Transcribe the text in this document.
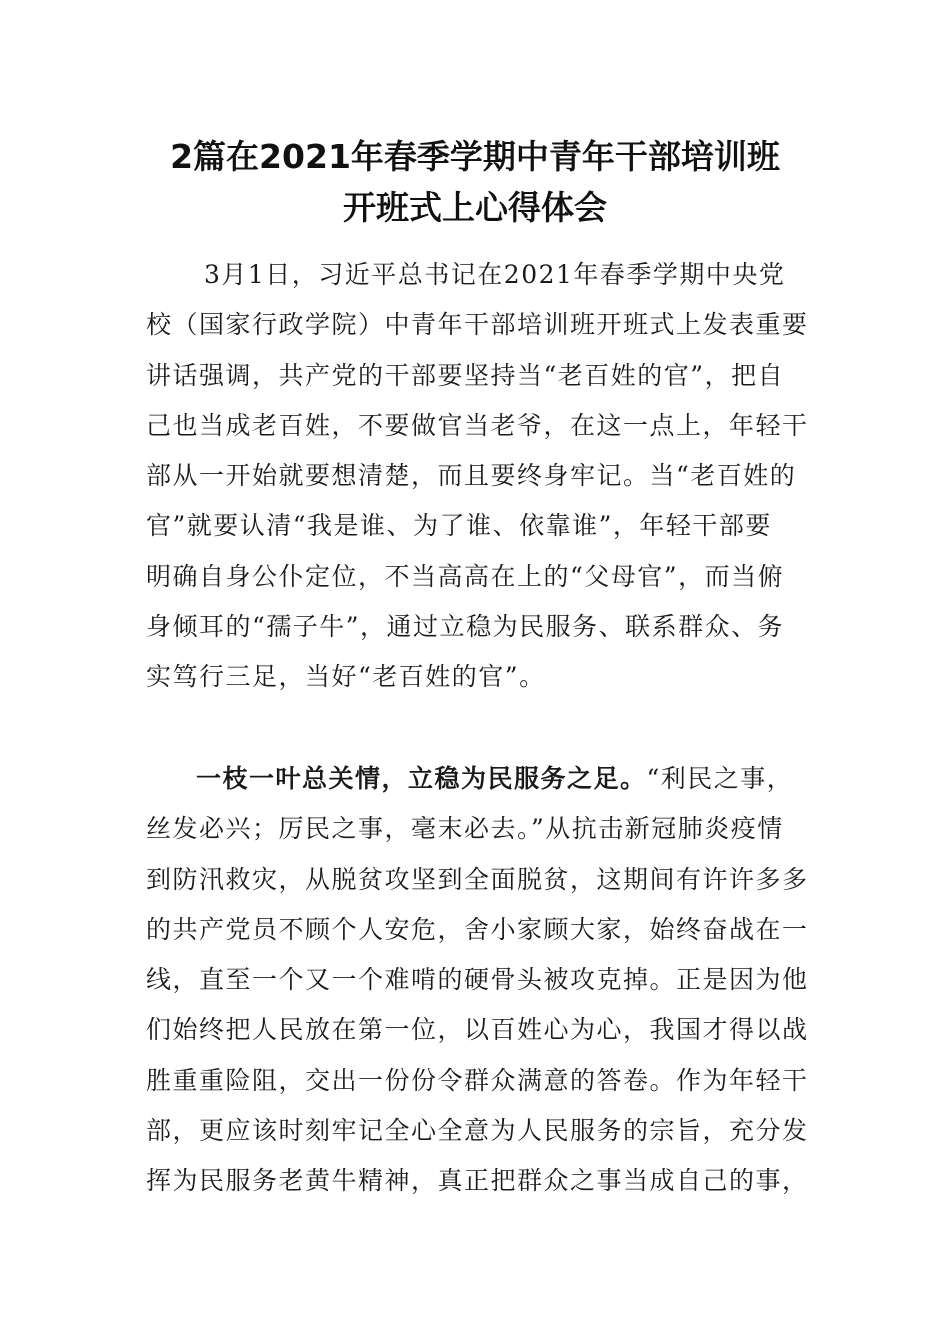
2篇在2021年春季学期中青年干部培训班
开班式上心得体会
3月1日，习近平总书记在2021年春季学期中央党
校（国家行政学院）中青年干部培训班开班式上发表重要
讲话强调，共产党的干部要坚持当“老百姓的官”，把自
己也当成老百姓，不要做官当老爷，在这一点上，年轻干
部从一开始就要想清楚，而且要终身牢记。当“老百姓的
官”就要认清“我是谁、为了谁、依靠谁”，年轻干部要
明确自身公仆定位，不当高高在上的“父母官”，而当俯
身倾耳的“孺子牛”，通过立稳为民服务、联系群众、务
实笃行三足，当好“老百姓的官”。
一枝一叶总关情，立稳为民服务之足。“利民之事，
丝发必兴；厉民之事，毫末必去。”从抗击新冠肺炎疫情
到防汛救灾，从脱贫攻坚到全面脱贫，这期间有许许多多
的共产党员不顾个人安危，舍小家顾大家，始终奋战在一
线，直至一个又一个难啃的硬骨头被攻克掉。正是因为他
们始终把人民放在第一位，以百姓心为心，我国才得以战
胜重重险阻，交出一份份令群众满意的答卷。作为年轻干
部，更应该时刻牢记全心全意为人民服务的宗旨，充分发
挥为民服务老黄牛精神，真正把群众之事当成自己的事，
